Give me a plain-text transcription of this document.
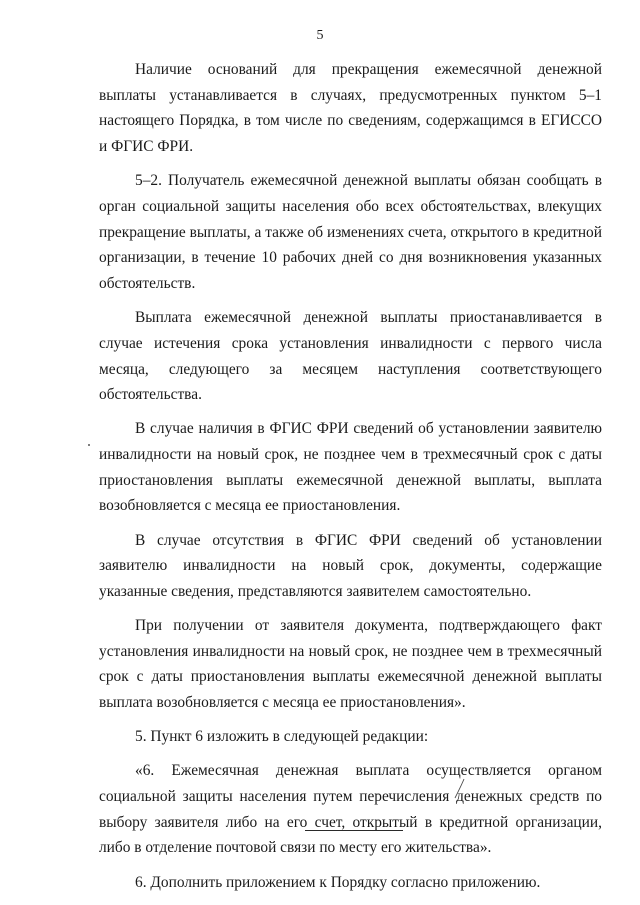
5

Наличие оснований для прекращения ежемесячной денежной выплаты устанавливается в случаях, предусмотренных пунктом 5–1 настоящего Порядка, в том числе по сведениям, содержащимся в ЕГИССО и ФГИС ФРИ.

5–2. Получатель ежемесячной денежной выплаты обязан сообщать в орган социальной защиты населения обо всех обстоятельствах, влекущих прекращение выплаты, а также об изменениях счета, открытого в кредитной организации, в течение 10 рабочих дней со дня возникновения указанных обстоятельств.

Выплата ежемесячной денежной выплаты приостанавливается в случае истечения срока установления инвалидности с первого числа месяца, следующего за месяцем наступления соответствующего обстоятельства.

В случае наличия в ФГИС ФРИ сведений об установлении заявителю инвалидности на новый срок, не позднее чем в трехмесячный срок с даты приостановления выплаты ежемесячной денежной выплаты, выплата возобновляется с месяца ее приостановления.

В случае отсутствия в ФГИС ФРИ сведений об установлении заявителю инвалидности на новый срок, документы, содержащие указанные сведения, представляются заявителем самостоятельно.

При получении от заявителя документа, подтверждающего факт установления инвалидности на новый срок, не позднее чем в трехмесячный срок с даты приостановления выплаты ежемесячной денежной выплаты выплата возобновляется с месяца ее приостановления».

5. Пункт 6 изложить в следующей редакции:

«6. Ежемесячная денежная выплата осуществляется органом социальной защиты населения путем перечисления денежных средств по выбору заявителя либо на его счет, открытый в кредитной организации, либо в отделение почтовой связи по месту его жительства».

6. Дополнить приложением к Порядку согласно приложению.
